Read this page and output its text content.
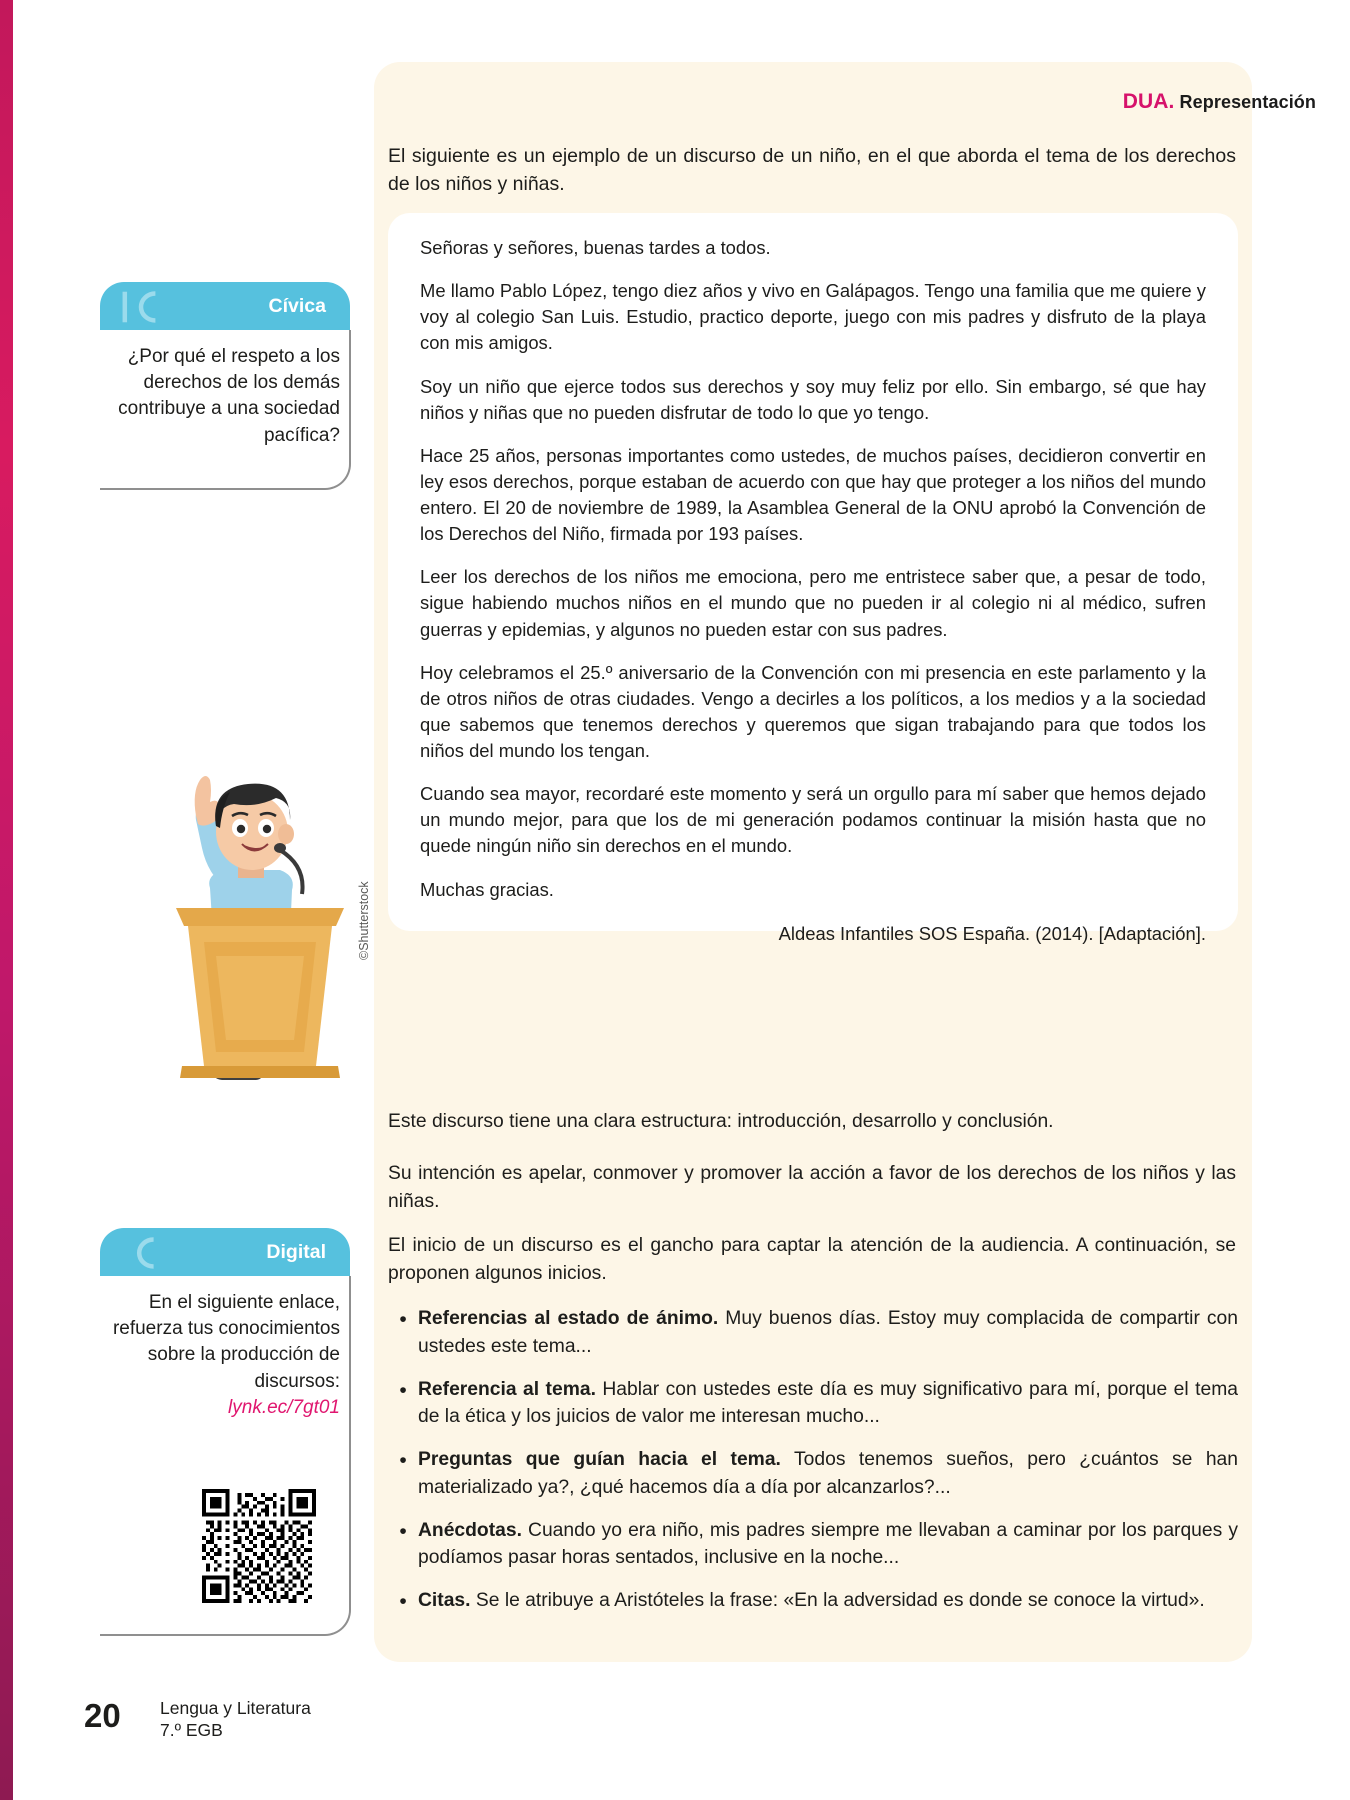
DUA. Representación
El siguiente es un ejemplo de un discurso de un niño, en el que aborda el tema de los derechos de los niños y niñas.

Señoras y señores, buenas tardes a todos.

Me llamo Pablo López, tengo diez años y vivo en Galápagos. Tengo una familia que me quiere y voy al colegio San Luis. Estudio, practico deporte, juego con mis padres y disfruto de la playa con mis amigos.

Soy un niño que ejerce todos sus derechos y soy muy feliz por ello. Sin embargo, sé que hay niños y niñas que no pueden disfrutar de todo lo que yo tengo.

Hace 25 años, personas importantes como ustedes, de muchos países, decidieron convertir en ley esos derechos, porque estaban de acuerdo con que hay que proteger a los niños del mundo entero. El 20 de noviembre de 1989, la Asamblea General de la ONU aprobó la Convención de los Derechos del Niño, firmada por 193 países.

Leer los derechos de los niños me emociona, pero me entristece saber que, a pesar de todo, sigue habiendo muchos niños en el mundo que no pueden ir al colegio ni al médico, sufren guerras y epidemias, y algunos no pueden estar con sus padres.

Hoy celebramos el 25.º aniversario de la Convención con mi presencia en este parlamento y la de otros niños de otras ciudades. Vengo a decirles a los políticos, a los medios y a la sociedad que sabemos que tenemos derechos y queremos que sigan trabajando para que todos los niños del mundo los tengan.

Cuando sea mayor, recordaré este momento y será un orgullo para mí saber que hemos dejado un mundo mejor, para que los de mi generación podamos continuar la misión hasta que no quede ningún niño sin derechos en el mundo.

Muchas gracias.

Aldeas Infantiles SOS España. (2014). [Adaptación].

Este discurso tiene una clara estructura: introducción, desarrollo y conclusión.
Su intención es apelar, conmover y promover la acción a favor de los derechos de los niños y las niñas.
El inicio de un discurso es el gancho para captar la atención de la audiencia. A continuación, se proponen algunos inicios.
• Referencias al estado de ánimo. Muy buenos días. Estoy muy complacida de compartir con ustedes este tema...
• Referencia al tema. Hablar con ustedes este día es muy significativo para mí, porque el tema de la ética y los juicios de valor me interesan mucho...
• Preguntas que guían hacia el tema. Todos tenemos sueños, pero ¿cuántos se han materializado ya?, ¿qué hacemos día a día por alcanzarlos?...
• Anécdotas. Cuando yo era niño, mis padres siempre me llevaban a caminar por los parques y podíamos pasar horas sentados, inclusive en la noche...
• Citas. Se le atribuye a Aristóteles la frase: «En la adversidad es donde se conoce la virtud».
Cívica
¿Por qué el respeto a los derechos de los demás contribuye a una sociedad pacífica?
Digital
En el siguiente enlace, refuerza tus conocimientos sobre la producción de discursos:
lynk.ec/7gt01
©Shutterstock
20 Lengua y Literatura
7.º EGB
